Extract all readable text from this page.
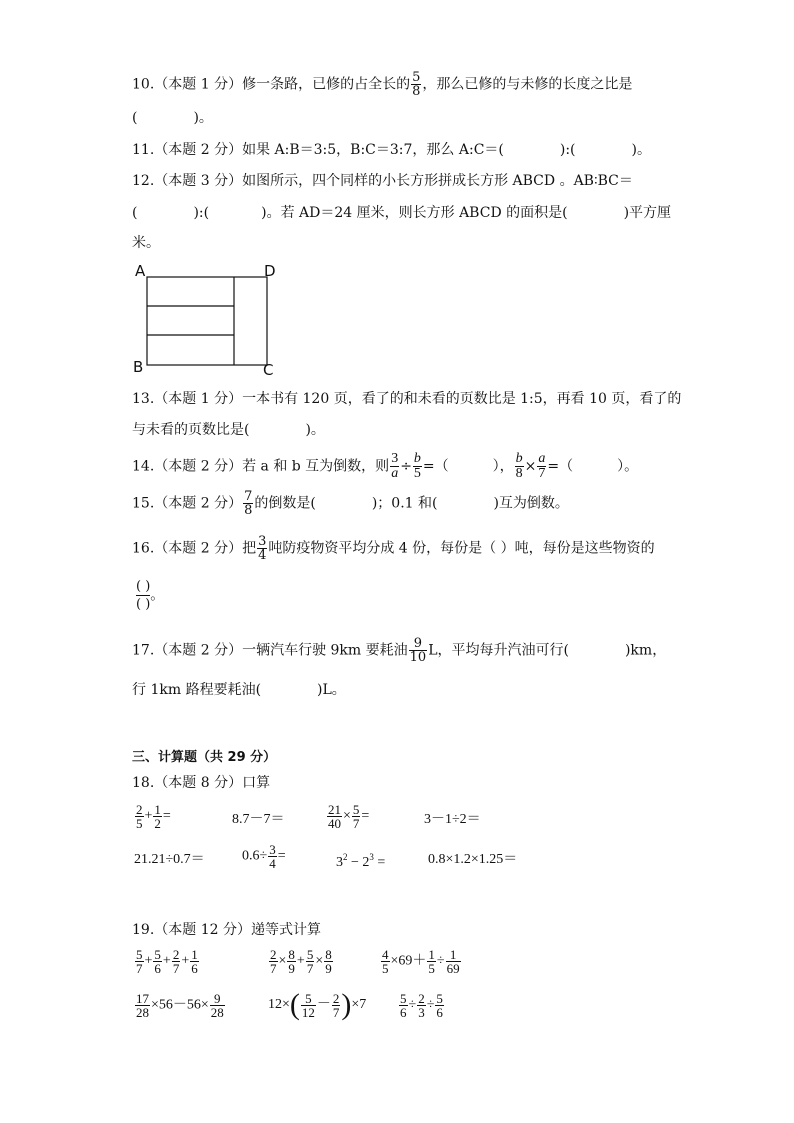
10.（本题 1 分）修一条路，已修的占全长的 $\frac{5}{8}$ ，那么已修的与未修的长度之比是
(	)。
11.（本题 2 分）如果 A:B＝3:5，B:C＝3:7，那么 A:C＝(	):(	)。
12.（本题 3 分）如图所示，四个同样的小长方形拼成长方形 ABCD 。AB∶BC＝
(	):(	)。若 AD＝24 厘米，则长方形 ABCD 的面积是(	)平方厘
米。
A	D
B	C
13.（本题 1 分）一本书有 120 页，看了的和未看的页数比是 1:5，再看 10 页，看了的
与未看的页数比是(	)。
14.（本题 2 分）若 a 和 b 互为倒数，则 $\frac{3}{a} \div \frac{b}{5}$ =（	）， $\frac{b}{8} \times \frac{a}{7}$ =（	）。
15.（本题 2 分） $\frac{7}{8}$ 的倒数是(	)；0.1 和(	)互为倒数。
16.（本题 2 分）把 $\frac{3}{4}$ 吨防疫物资平均分成 4 份，每份是（ ）吨，每份是这些物资的
( )
( )
。
17.（本题 2 分）一辆汽车行驶 9km 要耗油 $\frac{9}{10}$ L，平均每升汽油可行(	)km，
行 1km 路程要耗油(	)L。
三、计算题（共 29 分）
18.（本题 8 分）口算
$\frac{2}{5} + \frac{1}{2}$ =	8.7－7＝	$\frac{21}{40} \times \frac{5}{7}$ =	3－1÷2＝
21.21÷0.7＝	$0.6\div \frac{3}{4}$ =	$3^2 - 2^3$ =	0.8×1.2×1.25＝
19.（本题 12 分）递等式计算
$\frac{5}{7} + \frac{5}{6} + \frac{2}{7} + \frac{1}{6}$	$\frac{2}{7} \times \frac{8}{9} + \frac{5}{7} \times \frac{8}{9}$	$\frac{4}{5} \times 69+ \frac{1}{5} \div \frac{1}{69}$
$\frac{17}{28} \times 56-56\times \frac{9}{28}$	$12\times( \frac{5}{12} - \frac{2}{7} )\times 7$	$\frac{5}{6} \div \frac{2}{3} \div \frac{5}{6}$
